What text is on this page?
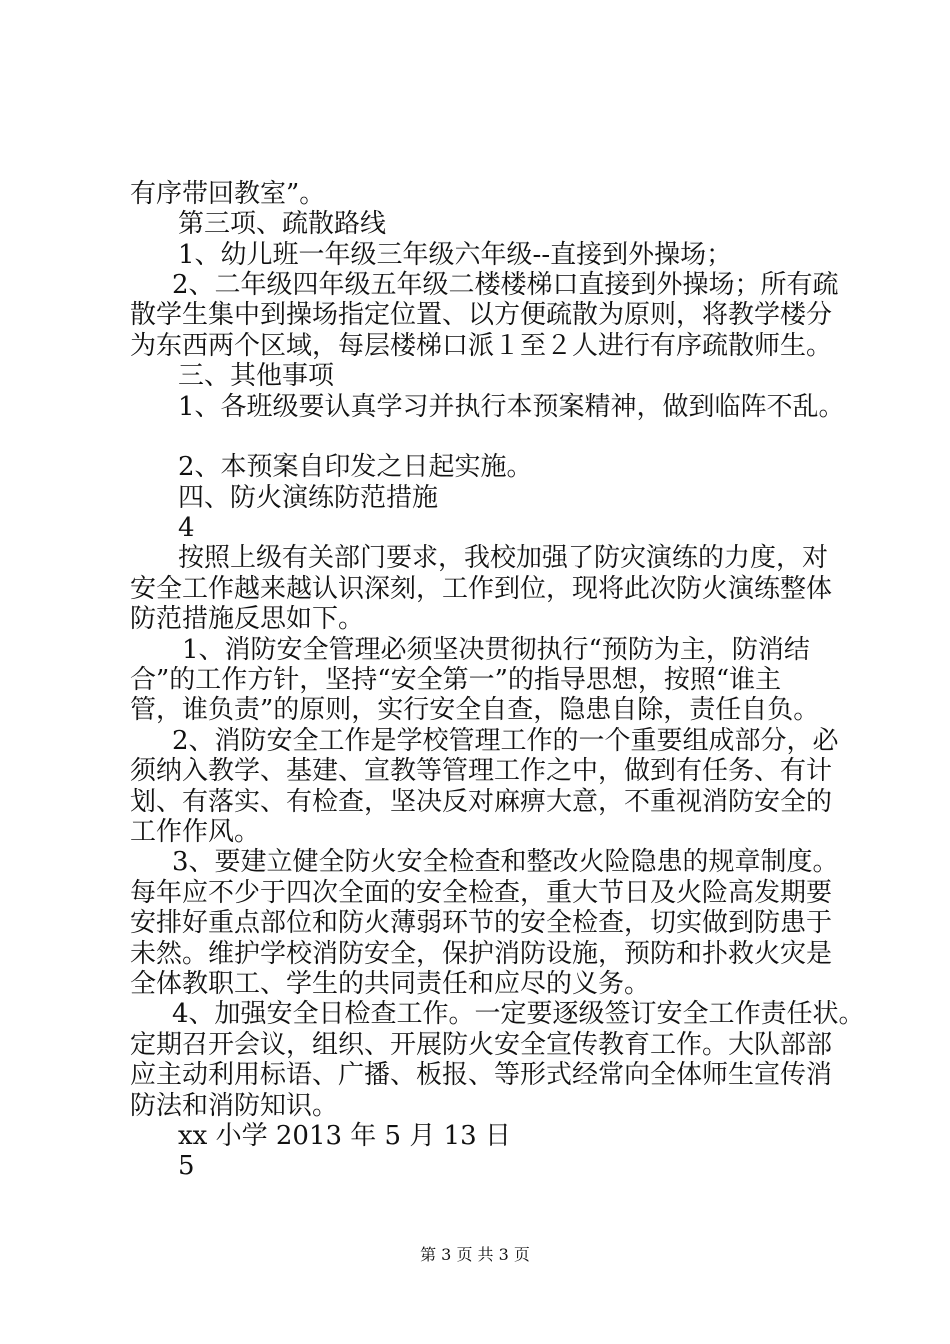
有序带回教室”。
第三项、疏散路线
1、幼儿班一年级三年级六年级--直接到外操场；
2、二年级四年级五年级二楼楼梯口直接到外操场；所有疏
散学生集中到操场指定位置、以方便疏散为原则，将教学楼分
为东西两个区域，每层楼梯口派１至２人进行有序疏散师生。
三、其他事项
1、各班级要认真学习并执行本预案精神，做到临阵不乱。
2、本预案自印发之日起实施。
四、防火演练防范措施
4
按照上级有关部门要求，我校加强了防灾演练的力度，对
安全工作越来越认识深刻，工作到位，现将此次防火演练整体
防范措施反思如下。
1、消防安全管理必须坚决贯彻执行“预防为主，防消结
合”的工作方针，坚持“安全第一”的指导思想，按照“谁主
管，谁负责”的原则，实行安全自查，隐患自除，责任自负。
2、消防安全工作是学校管理工作的一个重要组成部分，必
须纳入教学、基建、宣教等管理工作之中，做到有任务、有计
划、有落实、有检查，坚决反对麻痹大意，不重视消防安全的
工作作风。
3、要建立健全防火安全检查和整改火险隐患的规章制度。
每年应不少于四次全面的安全检查，重大节日及火险高发期要
安排好重点部位和防火薄弱环节的安全检查，切实做到防患于
未然。维护学校消防安全，保护消防设施，预防和扑救火灾是
全体教职工、学生的共同责任和应尽的义务。
4、加强安全日检查工作。一定要逐级签订安全工作责任状。
定期召开会议，组织、开展防火安全宣传教育工作。大队部部
应主动利用标语、广播、板报、等形式经常向全体师生宣传消
防法和消防知识。
xx 小学 2013 年 5 月 13 日
5
第 3 页 共 3 页
